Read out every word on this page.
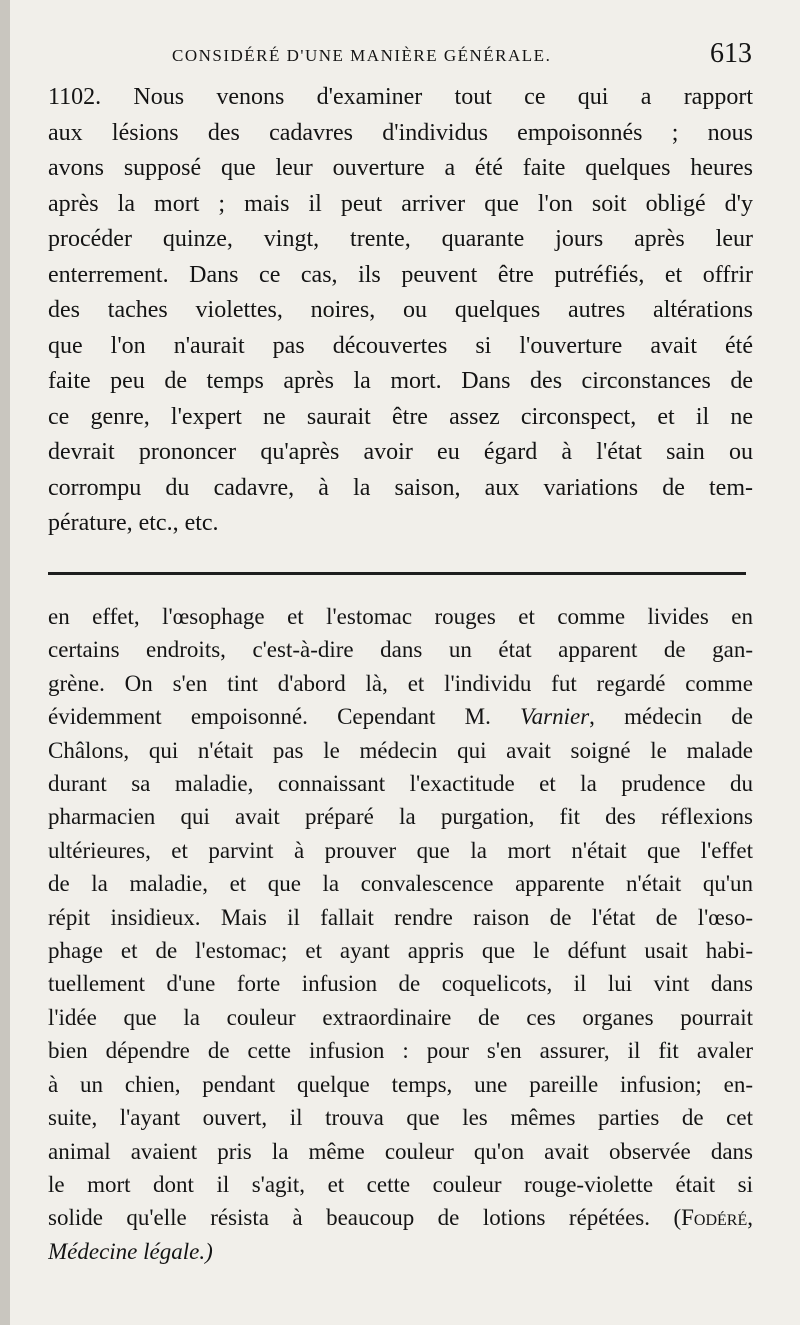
CONSIDÉRÉ D'UNE MANIÈRE GÉNÉRALE.	613
1102. Nous venons d'examiner tout ce qui a rapport
aux lésions des cadavres d'individus empoisonnés ; nous
avons supposé que leur ouverture a été faite quelques heures
après la mort ; mais il peut arriver que l'on soit obligé d'y
procéder quinze, vingt, trente, quarante jours après leur
enterrement. Dans ce cas, ils peuvent être putréfiés, et offrir
des taches violettes, noires, ou quelques autres altérations
que l'on n'aurait pas découvertes si l'ouverture avait été
faite peu de temps après la mort. Dans des circonstances de
ce genre, l'expert ne saurait être assez circonspect, et il ne
devrait prononcer qu'après avoir eu égard à l'état sain ou
corrompu du cadavre, à la saison, aux variations de tem-
pérature, etc., etc.
en effet, l'œsophage et l'estomac rouges et comme livides en
certains endroits, c'est-à-dire dans un état apparent de gan-
grène. On s'en tint d'abord là, et l'individu fut regardé comme
évidemment empoisonné. Cependant M. Varnier, médecin de
Châlons, qui n'était pas le médecin qui avait soigné le malade
durant sa maladie, connaissant l'exactitude et la prudence du
pharmacien qui avait préparé la purgation, fit des réflexions
ultérieures, et parvint à prouver que la mort n'était que l'effet
de la maladie, et que la convalescence apparente n'était qu'un
répit insidieux. Mais il fallait rendre raison de l'état de l'œso-
phage et de l'estomac; et ayant appris que le défunt usait habi-
tuellement d'une forte infusion de coquelicots, il lui vint dans
l'idée que la couleur extraordinaire de ces organes pourrait
bien dépendre de cette infusion : pour s'en assurer, il fit avaler
à un chien, pendant quelque temps, une pareille infusion; en-
suite, l'ayant ouvert, il trouva que les mêmes parties de cet
animal avaient pris la même couleur qu'on avait observée dans
le mort dont il s'agit, et cette couleur rouge-violette était si
solide qu'elle résista à beaucoup de lotions répétées. (Fodéré,
Médecine légale.)
